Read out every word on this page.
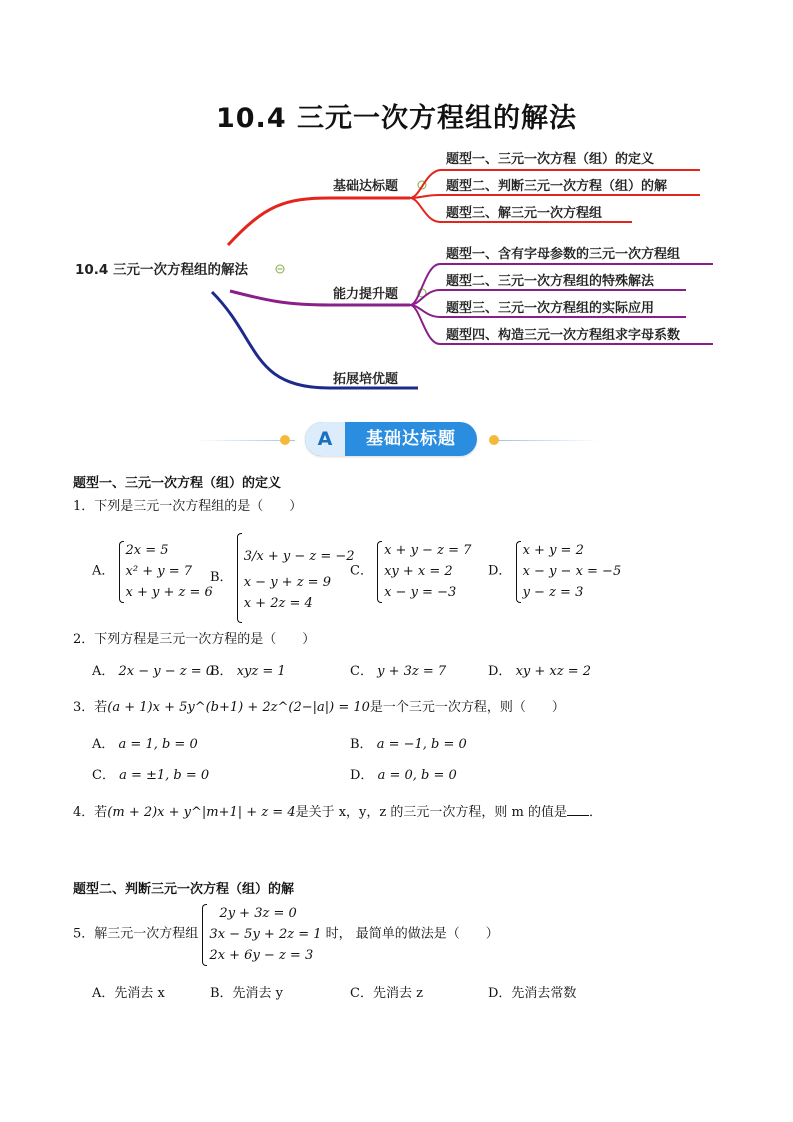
10.4 三元一次方程组的解法
10.4 三元一次方程组的解法
基础达标题
能力提升题
拓展培优题
题型一、三元一次方程（组）的定义
题型二、判断三元一次方程（组）的解
题型三、解三元一次方程组
题型一、含有字母参数的三元一次方程组
题型二、三元一次方程组的特殊解法
题型三、三元一次方程组的实际应用
题型四、构造三元一次方程组求字母系数
A	基础达标题
题型一、三元一次方程（组）的定义
1．下列是三元一次方程组的是（　　）
A．
2x = 5
x² + y = 7
x + y + z = 6
B．
3/x + y − z = −2
x − y + z = 9
x + 2z = 4
C．
x + y − z = 7
xy + x = 2
x − y = −3
D．
x + y = 2
x − y − x = −5
y − z = 3
2．下列方程是三元一次方程的是（　　）
A． 2x − y − z = 0
B． xyz = 1	C． y + 3z = 7	D． xy + xz = 2
3．若(a + 1)x + 5y^(b+1) + 2z^(2−|a|) = 10是一个三元一次方程，则（　　）
A． a = 1, b = 0	B． a = −1, b = 0
C． a = ±1, b = 0	D． a = 0, b = 0
4．若(m + 2)x + y^|m+1| + z = 4是关于 x，y，z 的三元一次方程，则 m 的值是 ．
题型二、判断三元一次方程（组）的解
5．解三元一次方程组
2y + 3z = 0
3x − 5y + 2z = 1
2x + 6y − z = 3
时， 最简单的做法是（　　）
A．先消去 x	B．先消去 y	C．先消去 z	D．先消去常数
